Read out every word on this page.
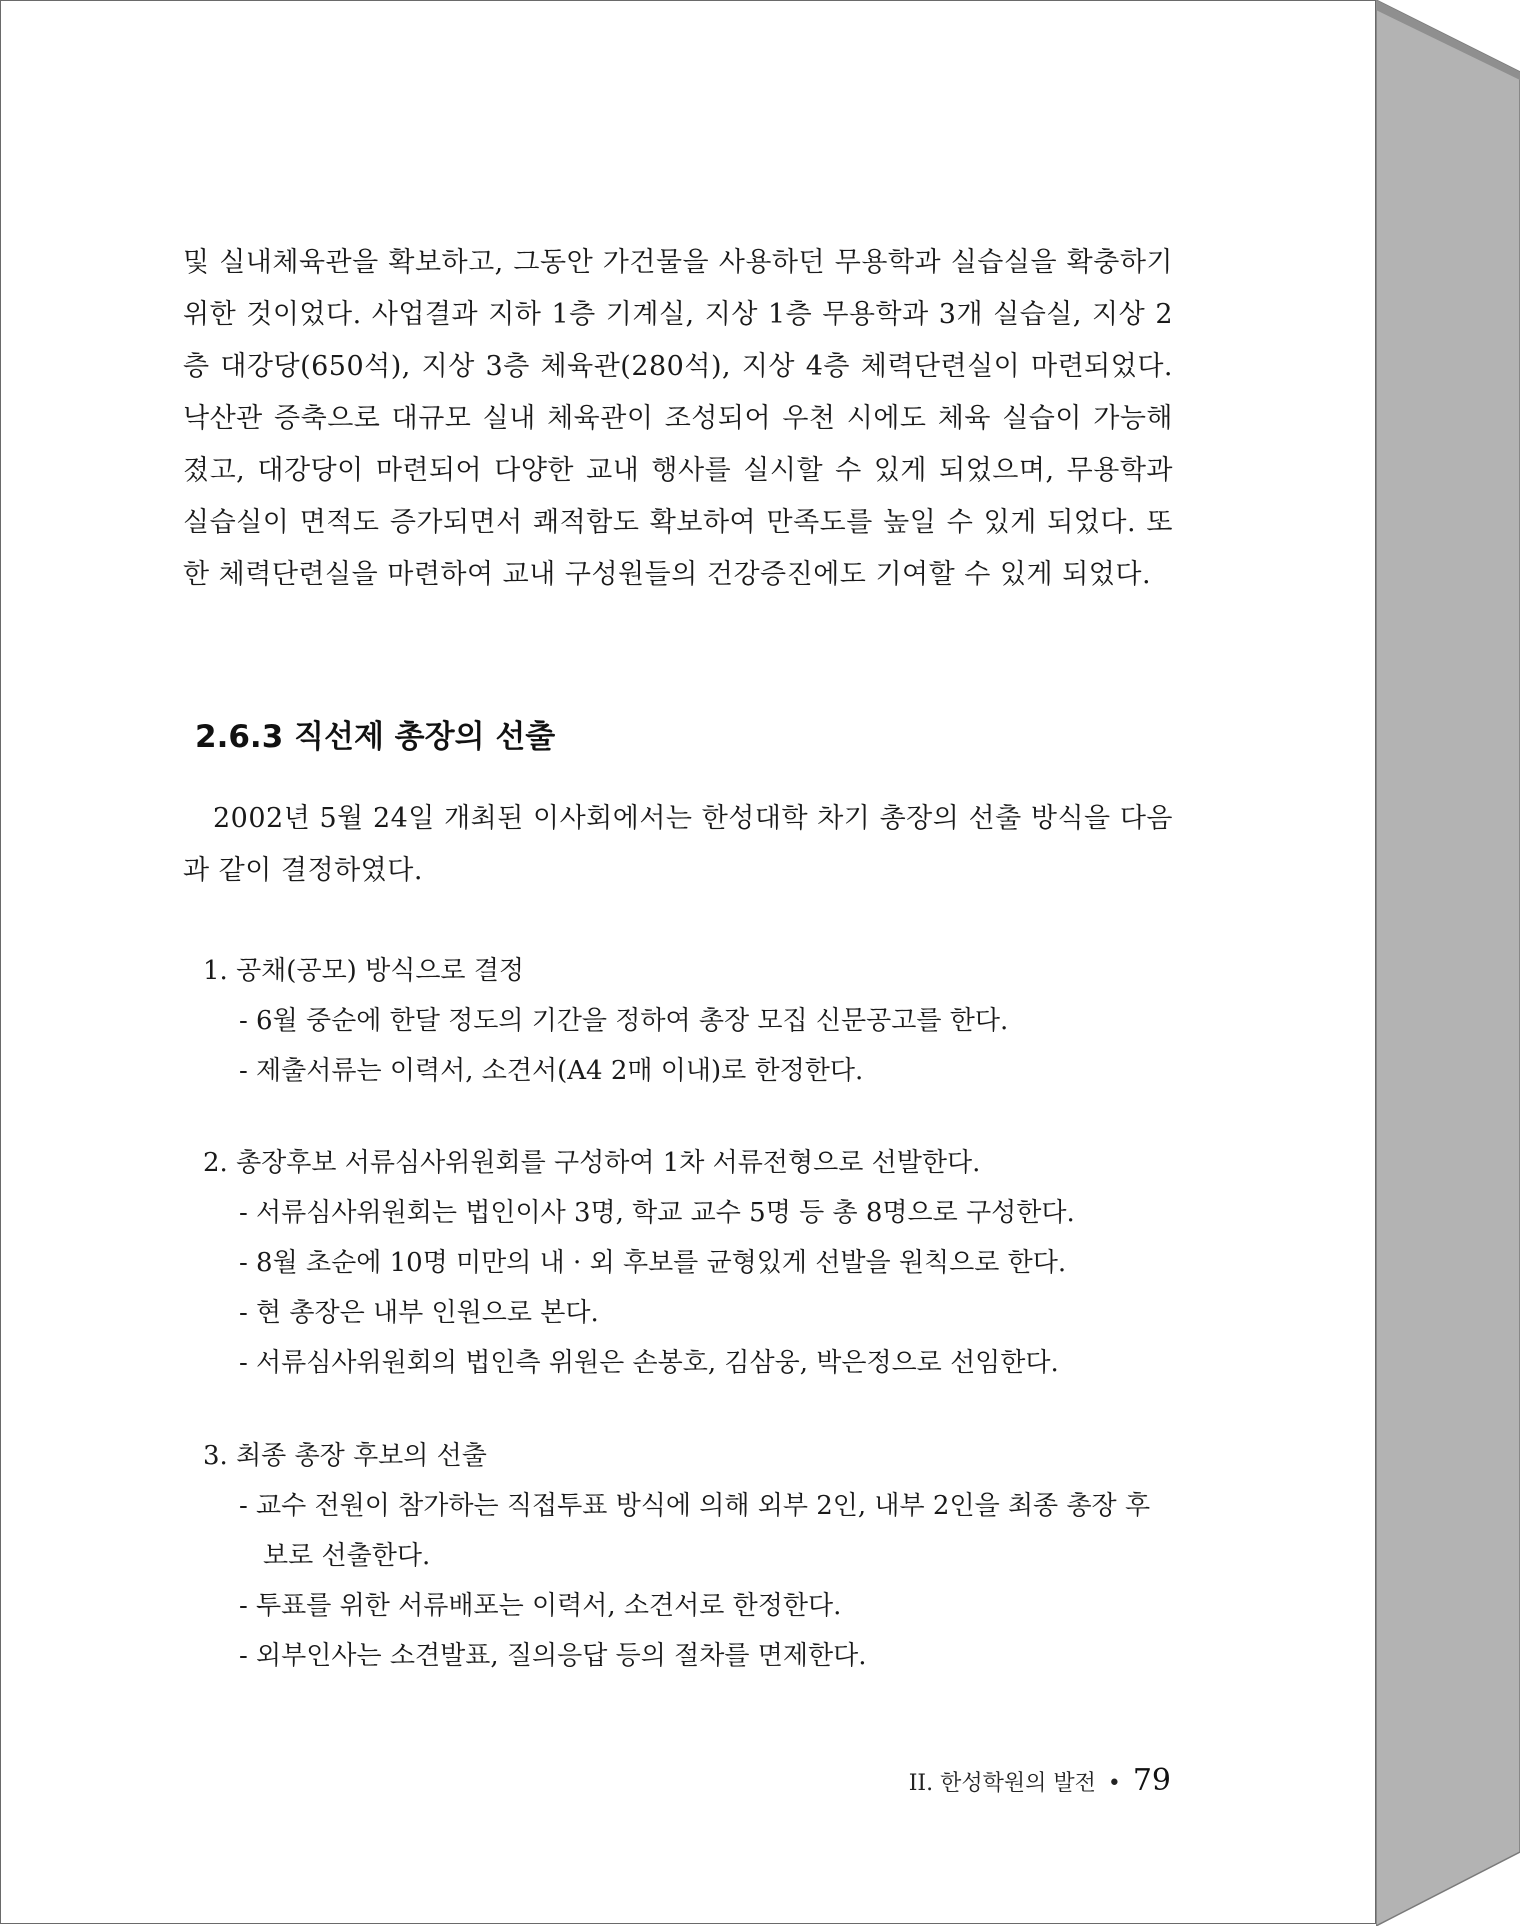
및 실내체육관을 확보하고, 그동안 가건물을 사용하던 무용학과 실습실을 확충하기 위한 것이었다. 사업결과 지하 1층 기계실, 지상 1층 무용학과 3개 실습실, 지상 2층 대강당(650석), 지상 3층 체육관(280석), 지상 4층 체력단련실이 마련되었다. 낙산관 증축으로 대규모 실내 체육관이 조성되어 우천 시에도 체육 실습이 가능해졌고, 대강당이 마련되어 다양한 교내 행사를 실시할 수 있게 되었으며, 무용학과 실습실이 면적도 증가되면서 쾌적함도 확보하여 만족도를 높일 수 있게 되었다. 또한 체력단련실을 마련하여 교내 구성원들의 건강증진에도 기여할 수 있게 되었다.

2.6.3 직선제 총장의 선출

2002년 5월 24일 개최된 이사회에서는 한성대학 차기 총장의 선출 방식을 다음과 같이 결정하였다.

1. 공채(공모) 방식으로 결정

- 6월 중순에 한달 정도의 기간을 정하여 총장 모집 신문공고를 한다.

- 제출서류는 이력서, 소견서(A4 2매 이내)로 한정한다.

2. 총장후보 서류심사위원회를 구성하여 1차 서류전형으로 선발한다.

- 서류심사위원회는 법인이사 3명, 학교 교수 5명 등 총 8명으로 구성한다.

- 8월 초순에 10명 미만의 내 · 외 후보를 균형있게 선발을 원칙으로 한다.

- 현 총장은 내부 인원으로 본다.

- 서류심사위원회의 법인측 위원은 손봉호, 김삼웅, 박은정으로 선임한다.

3. 최종 총장 후보의 선출

- 교수 전원이 참가하는 직접투표 방식에 의해 외부 2인, 내부 2인을 최종 총장 후보로 선출한다.

- 투표를 위한 서류배포는 이력서, 소견서로 한정한다.

- 외부인사는 소견발표, 질의응답 등의 절차를 면제한다.

II. 한성학원의 발전 • 79
